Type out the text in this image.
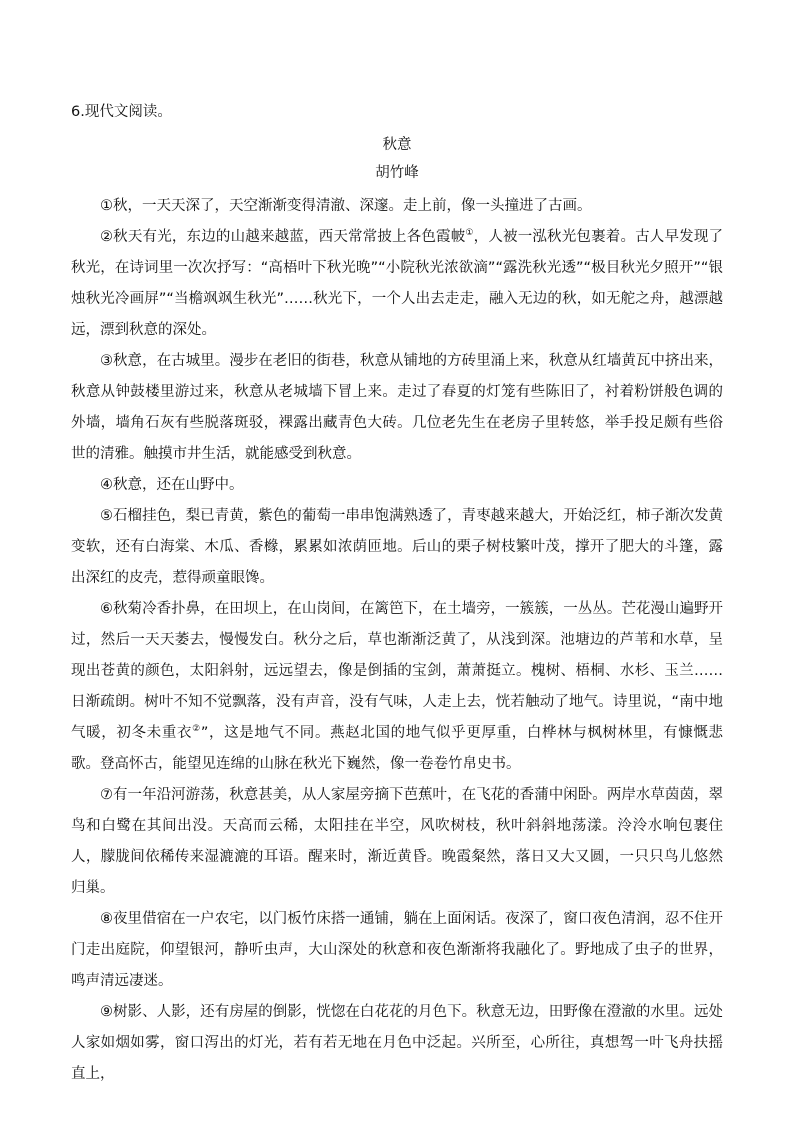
6.现代文阅读。
秋意
胡竹峰

①秋，一天天深了，天空渐渐变得清澈、深邃。走上前，像一头撞进了古画。

②秋天有光，东边的山越来越蓝，西天常常披上各色霞帔①，人被一泓秋光包裹着。古人早发现了秋光，在诗词里一次次抒写：“高梧叶下秋光晚”“小院秋光浓欲滴”“露洗秋光透”“极目秋光夕照开”“银烛秋光冷画屏”“当檐飒飒生秋光”……秋光下，一个人出去走走，融入无边的秋，如无舵之舟，越漂越远，漂到秋意的深处。

③秋意，在古城里。漫步在老旧的街巷，秋意从铺地的方砖里涌上来，秋意从红墙黄瓦中挤出来，秋意从钟鼓楼里游过来，秋意从老城墙下冒上来。走过了春夏的灯笼有些陈旧了，衬着粉饼般色调的外墙，墙角石灰有些脱落斑驳，裸露出藏青色大砖。几位老先生在老房子里转悠，举手投足颇有些俗世的清雅。触摸市井生活，就能感受到秋意。

④秋意，还在山野中。

⑤石榴挂色，梨已青黄，紫色的葡萄一串串饱满熟透了，青枣越来越大，开始泛红，柿子渐次发黄变软，还有白海棠、木瓜、香橼，累累如浓荫匝地。后山的栗子树枝繁叶茂，撑开了肥大的斗篷，露出深红的皮壳，惹得顽童眼馋。

⑥秋菊冷香扑鼻，在田坝上，在山岗间，在篱笆下，在土墙旁，一簇簇，一丛丛。芒花漫山遍野开过，然后一天天萎去，慢慢发白。秋分之后，草也渐渐泛黄了，从浅到深。池塘边的芦苇和水草，呈现出苍黄的颜色，太阳斜射，远远望去，像是倒插的宝剑，萧萧挺立。槐树、梧桐、水杉、玉兰……日渐疏朗。树叶不知不觉飘落，没有声音，没有气味，人走上去，恍若触动了地气。诗里说，“南中地气暖，初冬未重衣②”，这是地气不同。燕赵北国的地气似乎更厚重，白桦林与枫树林里，有慷慨悲歌。登高怀古，能望见连绵的山脉在秋光下巍然，像一卷卷竹帛史书。

⑦有一年沿河游荡，秋意甚美，从人家屋旁摘下芭蕉叶，在飞花的香蒲中闲卧。两岸水草茵茵，翠鸟和白鹭在其间出没。天高而云稀，太阳挂在半空，风吹树枝，秋叶斜斜地荡漾。泠泠水响包裹住人，朦胧间依稀传来湿漉漉的耳语。醒来时，渐近黄昏。晚霞粲然，落日又大又圆，一只只鸟儿悠然归巢。

⑧夜里借宿在一户农宅，以门板竹床搭一通铺，躺在上面闲话。夜深了，窗口夜色清润，忍不住开门走出庭院，仰望银河，静听虫声，大山深处的秋意和夜色渐渐将我融化了。野地成了虫子的世界，鸣声清远凄迷。

⑨树影、人影，还有房屋的倒影，恍惚在白花花的月色下。秋意无边，田野像在澄澈的水里。远处人家如烟如雾，窗口泻出的灯光，若有若无地在月色中泛起。兴所至，心所往，真想驾一叶飞舟扶摇直上，
